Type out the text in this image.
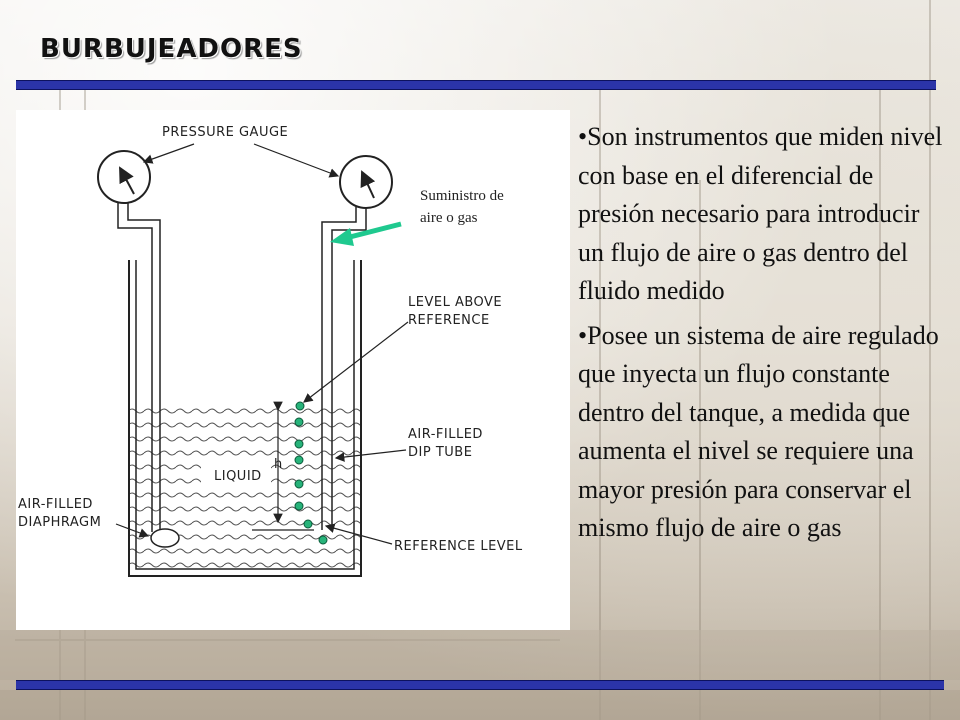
BURBUJEADORES
PRESSURE GAUGE
LEVEL ABOVE
REFERENCE
AIR-FILLED
DIP TUBE
REFERENCE LEVEL
LIQUID
h
AIR-FILLED
DIAPHRAGM
Suministro de
aire o gas

•Son instrumentos que miden nivel con base en el diferencial de presión necesario para introducir un flujo de aire o gas dentro del fluido medido

•Posee un sistema de aire regulado que inyecta un flujo constante dentro del tanque, a medida que aumenta el nivel se requiere una mayor presión para conservar el mismo flujo de aire o gas
